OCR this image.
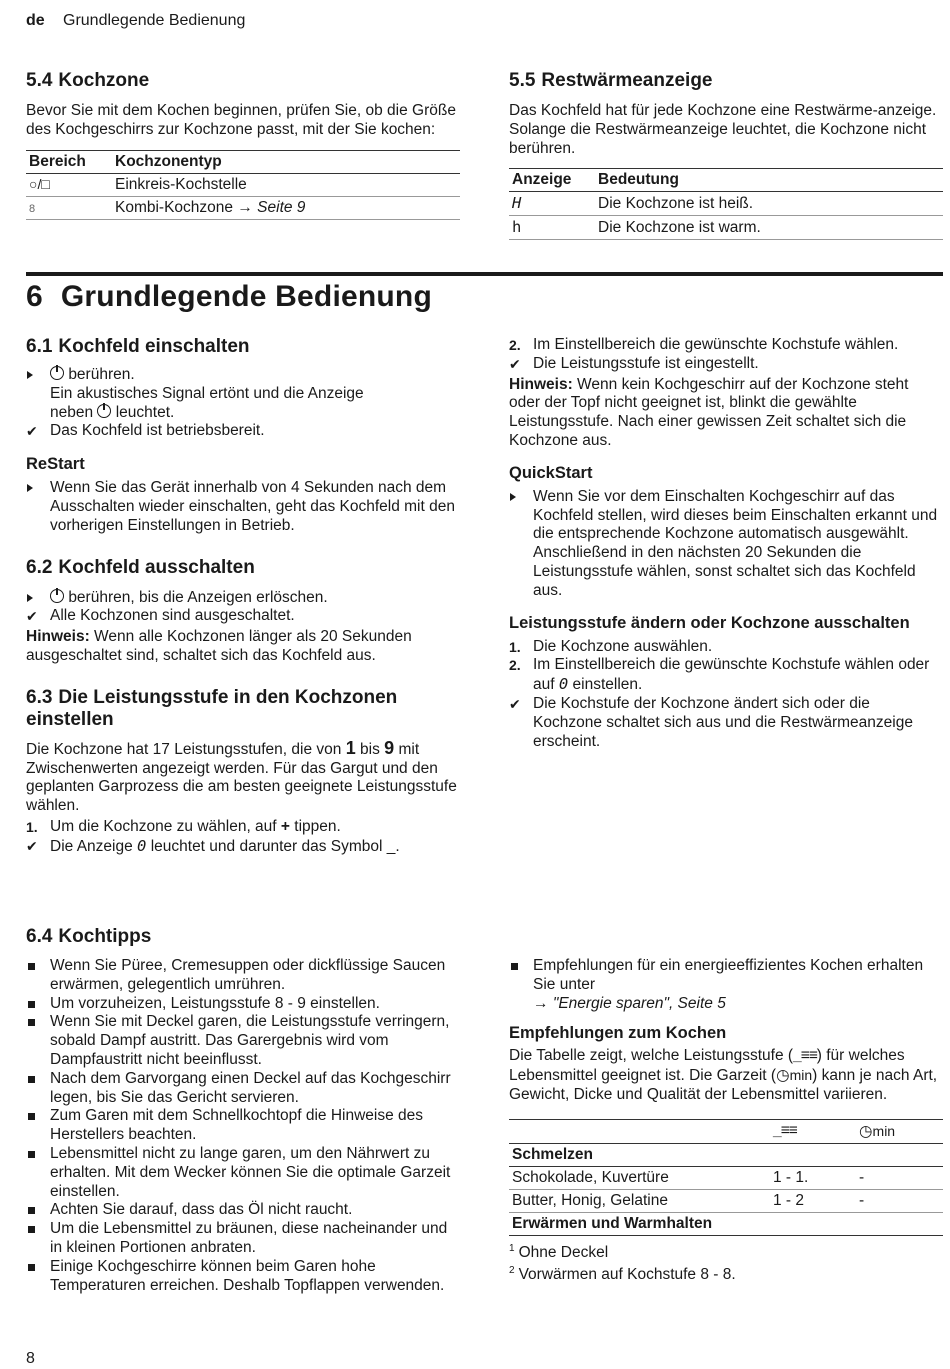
de Grundlegende Bedienung
5.4 Kochzone

Bevor Sie mit dem Kochen beginnen, prüfen Sie, ob die Größe des Kochgeschirrs zur Kochzone passt, mit der Sie kochen:

Bereich	Kochzonentyp
○/□	Einkreis-Kochstelle
8	Kombi-Kochzone → Seite 9
5.5 Restwärmeanzeige

Das Kochfeld hat für jede Kochzone eine Restwärme-anzeige. Solange die Restwärmeanzeige leuchtet, die Kochzone nicht berühren.

Anzeige	Bedeutung
H	Die Kochzone ist heiß.
h	Die Kochzone ist warm.
6 Grundlegende Bedienung
6.1 Kochfeld einschalten
berühren.
Ein akustisches Signal ertönt und die Anzeige
neben leuchtet.
✔ Das Kochfeld ist betriebsbereit.
ReStart
Wenn Sie das Gerät innerhalb von 4 Sekunden nach dem Ausschalten wieder einschalten, geht das Kochfeld mit den vorherigen Einstellungen in Betrieb.
6.2 Kochfeld ausschalten
berühren, bis die Anzeigen erlöschen.
✔ Alle Kochzonen sind ausgeschaltet.

Hinweis: Wenn alle Kochzonen länger als 20 Sekunden ausgeschaltet sind, schaltet sich das Kochfeld aus.

6.3 Die Leistungsstufe in den Kochzonen einstellen

Die Kochzone hat 17 Leistungsstufen, die von 1 bis 9 mit Zwischenwerten angezeigt werden. Für das Gargut und den geplanten Garprozess die am besten geeignete Leistungsstufe wählen.

1. Um die Kochzone zu wählen, auf + tippen.
✔ Die Anzeige 0 leuchtet und darunter das Symbol _.
2. Im Einstellbereich die gewünschte Kochstufe wählen.
✔ Die Leistungsstufe ist eingestellt.

Hinweis: Wenn kein Kochgeschirr auf der Kochzone steht oder der Topf nicht geeignet ist, blinkt die gewählte Leistungsstufe. Nach einer gewissen Zeit schaltet sich die Kochzone aus.

QuickStart
Wenn Sie vor dem Einschalten Kochgeschirr auf das Kochfeld stellen, wird dieses beim Einschalten erkannt und die entsprechende Kochzone automatisch ausgewählt. Anschließend in den nächsten 20 Sekunden die Leistungsstufe wählen, sonst schaltet sich das Kochfeld aus.
Leistungsstufe ändern oder Kochzone ausschalten
1. Die Kochzone auswählen.
2. Im Einstellbereich die gewünschte Kochstufe wählen oder auf 0 einstellen.
✔ Die Kochstufe der Kochzone ändert sich oder die Kochzone schaltet sich aus und die Restwärmeanzeige erscheint.
6.4 Kochtipps
Wenn Sie Püree, Cremesuppen oder dickflüssige Saucen erwärmen, gelegentlich umrühren.
Um vorzuheizen, Leistungsstufe 8 - 9 einstellen.
Wenn Sie mit Deckel garen, die Leistungsstufe verringern, sobald Dampf austritt. Das Garergebnis wird vom Dampfaustritt nicht beeinflusst.
Nach dem Garvorgang einen Deckel auf das Kochgeschirr legen, bis Sie das Gericht servieren.
Zum Garen mit dem Schnellkochtopf die Hinweise des Herstellers beachten.
Lebensmittel nicht zu lange garen, um den Nährwert zu erhalten. Mit dem Wecker können Sie die optimale Garzeit einstellen.
Achten Sie darauf, dass das Öl nicht raucht.
Um die Lebensmittel zu bräunen, diese nacheinander und in kleinen Portionen anbraten.
Einige Kochgeschirre können beim Garen hohe Temperaturen erreichen. Deshalb Topflappen verwenden.
Empfehlungen für ein energieeffizientes Kochen erhalten Sie unter
→ "Energie sparen", Seite 5
Empfehlungen zum Kochen

Die Tabelle zeigt, welche Leistungsstufe (_≡≡) für welches Lebensmittel geeignet ist. Die Garzeit (◷min) kann je nach Art, Gewicht, Dicke und Qualität der Lebensmittel variieren.

	_≡≡	◷min
Schmelzen		
Schokolade, Kuvertüre	1 - 1.	-
Butter, Honig, Gelatine	1 - 2	-
Erwärmen und Warmhalten		
$^1$ Ohne Deckel
$^2$ Vorwärmen auf Kochstufe 8 - 8.
8
